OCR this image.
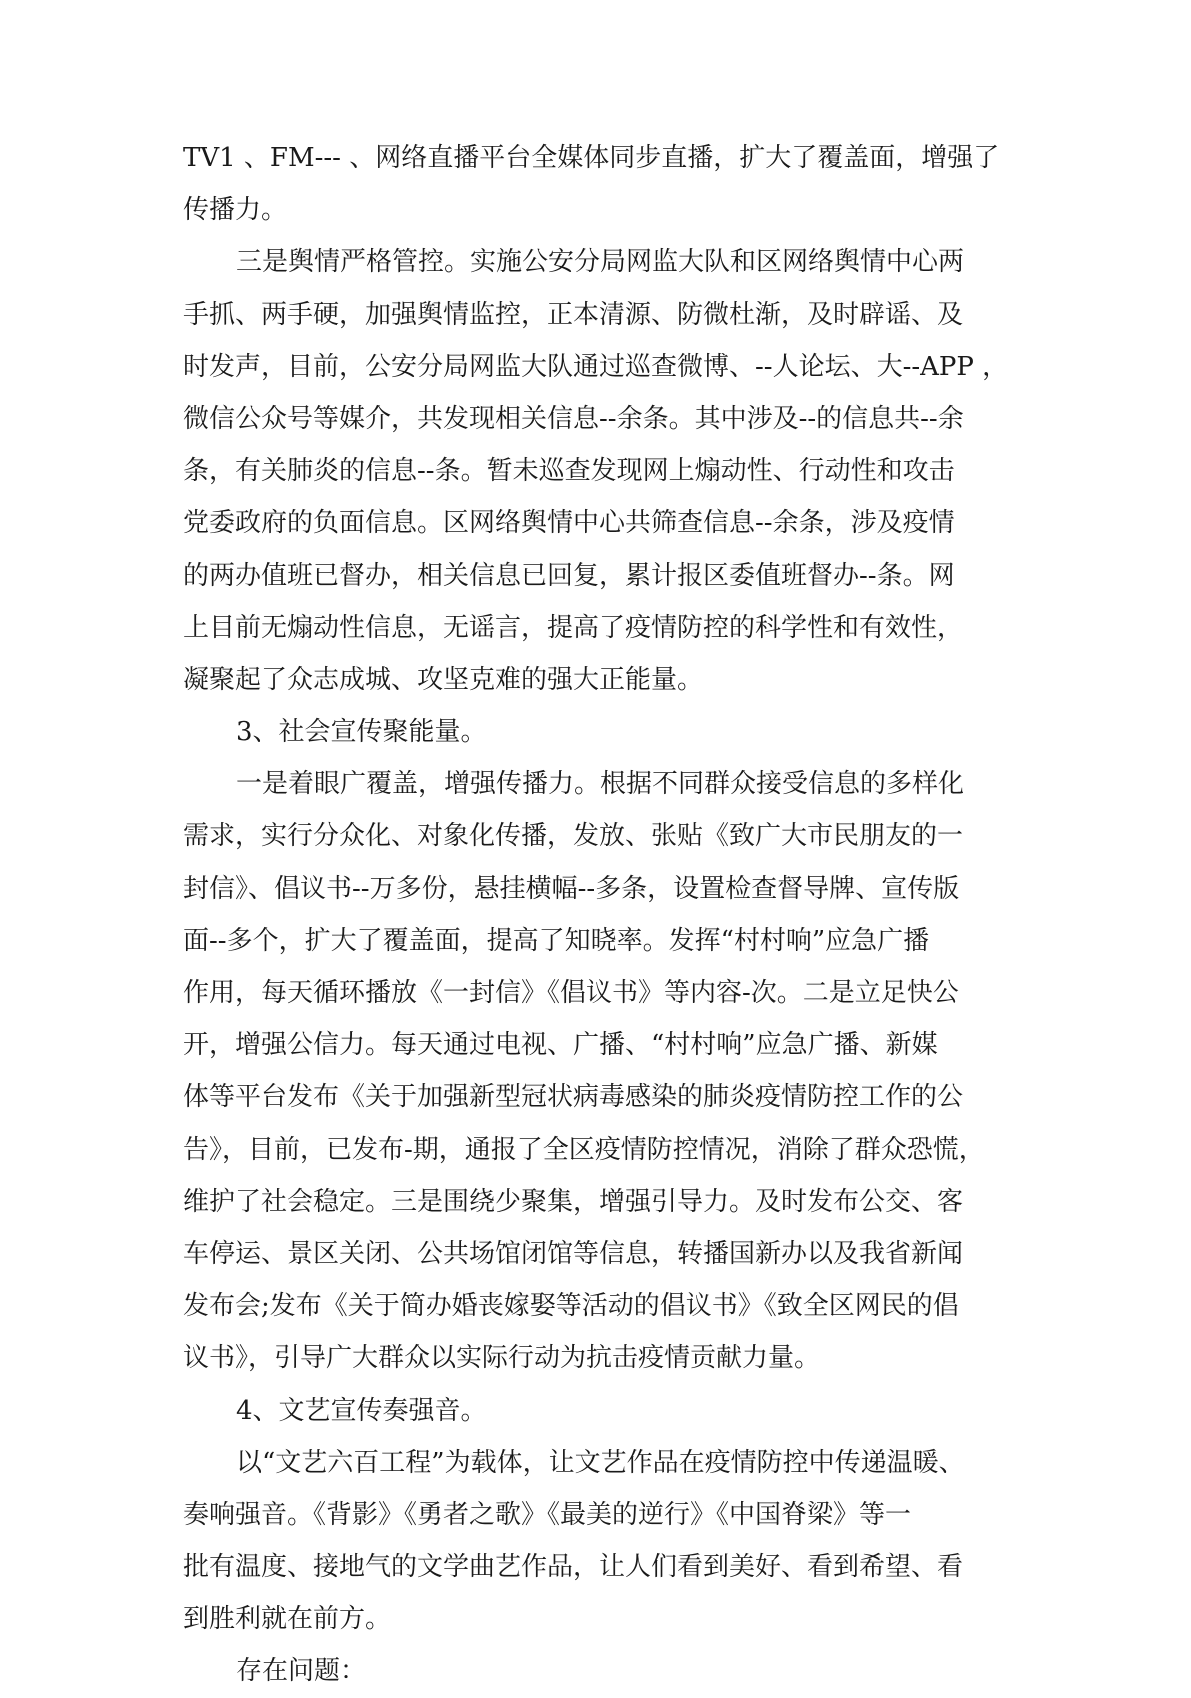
TV1 、FM--- 、网络直播平台全媒体同步直播，扩大了覆盖面，增强了
传播力。
三是舆情严格管控。实施公安分局网监大队和区网络舆情中心两
手抓、两手硬，加强舆情监控，正本清源、防微杜渐，及时辟谣、及
时发声，目前，公安分局网监大队通过巡查微博、--人论坛、大--APP ，
微信公众号等媒介，共发现相关信息--余条。其中涉及--的信息共--余
条，有关肺炎的信息--条。暂未巡查发现网上煽动性、行动性和攻击
党委政府的负面信息。区网络舆情中心共筛查信息--余条，涉及疫情
的两办值班已督办，相关信息已回复，累计报区委值班督办--条。网
上目前无煽动性信息，无谣言，提高了疫情防控的科学性和有效性，
凝聚起了众志成城、攻坚克难的强大正能量。
3、社会宣传聚能量。
一是着眼广覆盖，增强传播力。根据不同群众接受信息的多样化
需求，实行分众化、对象化传播，发放、张贴《致广大市民朋友的一
封信》、倡议书--万多份，悬挂横幅--多条，设置检查督导牌、宣传版
面--多个，扩大了覆盖面，提高了知晓率。发挥“村村响”应急广播
作用，每天循环播放《一封信》《倡议书》等内容-次。二是立足快公
开，增强公信力。每天通过电视、广播、“村村响”应急广播、新媒
体等平台发布《关于加强新型冠状病毒感染的肺炎疫情防控工作的公
告》，目前，已发布-期，通报了全区疫情防控情况，消除了群众恐慌，
维护了社会稳定。三是围绕少聚集，增强引导力。及时发布公交、客
车停运、景区关闭、公共场馆闭馆等信息，转播国新办以及我省新闻
发布会;发布《关于简办婚丧嫁娶等活动的倡议书》《致全区网民的倡
议书》，引导广大群众以实际行动为抗击疫情贡献力量。
4、文艺宣传奏强音。
以“文艺六百工程”为载体，让文艺作品在疫情防控中传递温暖、
奏响强音。《背影》《勇者之歌》《最美的逆行》《中国脊梁》等一
批有温度、接地气的文学曲艺作品，让人们看到美好、看到希望、看
到胜利就在前方。
存在问题：
